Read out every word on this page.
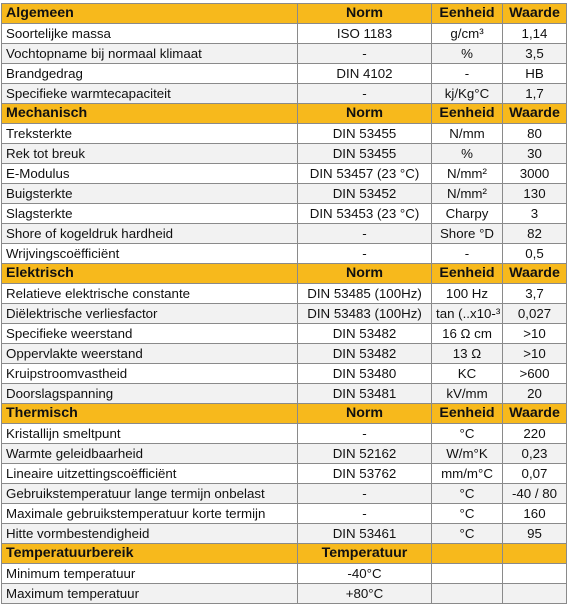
Algemeen	Norm	Eenheid	Waarde
Soortelijke massa	ISO 1183	g/cm³	1,14
Vochtopname bij normaal klimaat	-	%	3,5
Brandgedrag	DIN 4102	-	HB
Specifieke warmtecapaciteit	-	kj/Kg°C	1,7
Mechanisch	Norm	Eenheid	Waarde
Treksterkte	DIN 53455	N/mm	80
Rek tot breuk	DIN 53455	%	30
E-Modulus	DIN 53457 (23 °C)	N/mm²	3000
Buigsterkte	DIN 53452	N/mm²	130
Slagsterkte	DIN 53453 (23 °C)	Charpy	3
Shore of kogeldruk hardheid	-	Shore °D	82
Wrijvingscoëfficiënt	-	-	0,5
Elektrisch	Norm	Eenheid	Waarde
Relatieve elektrische constante	DIN 53485 (100Hz)	100 Hz	3,7
Diëlektrische verliesfactor	DIN 53483 (100Hz)	tan (..x10-³	0,027
Specifieke weerstand	DIN 53482	16 Ω cm	>10
Oppervlakte weerstand	DIN 53482	13 Ω	>10
Kruipstroomvastheid	DIN 53480	KC	>600
Doorslagspanning	DIN 53481	kV/mm	20
Thermisch	Norm	Eenheid	Waarde
Kristallijn smeltpunt	-	°C	220
Warmte geleidbaarheid	DIN 52162	W/m°K	0,23
Lineaire uitzettingscoëfficiënt	DIN 53762	mm/m°C	0,07
Gebruikstemperatuur lange termijn onbelast	-	°C	-40 / 80
Maximale gebruikstemperatuur korte termijn	-	°C	160
Hitte vormbestendigheid	DIN 53461	°C	95
Temperatuurbereik	Temperatuur		
Minimum temperatuur	-40°C		
Maximum temperatuur	+80°C		
